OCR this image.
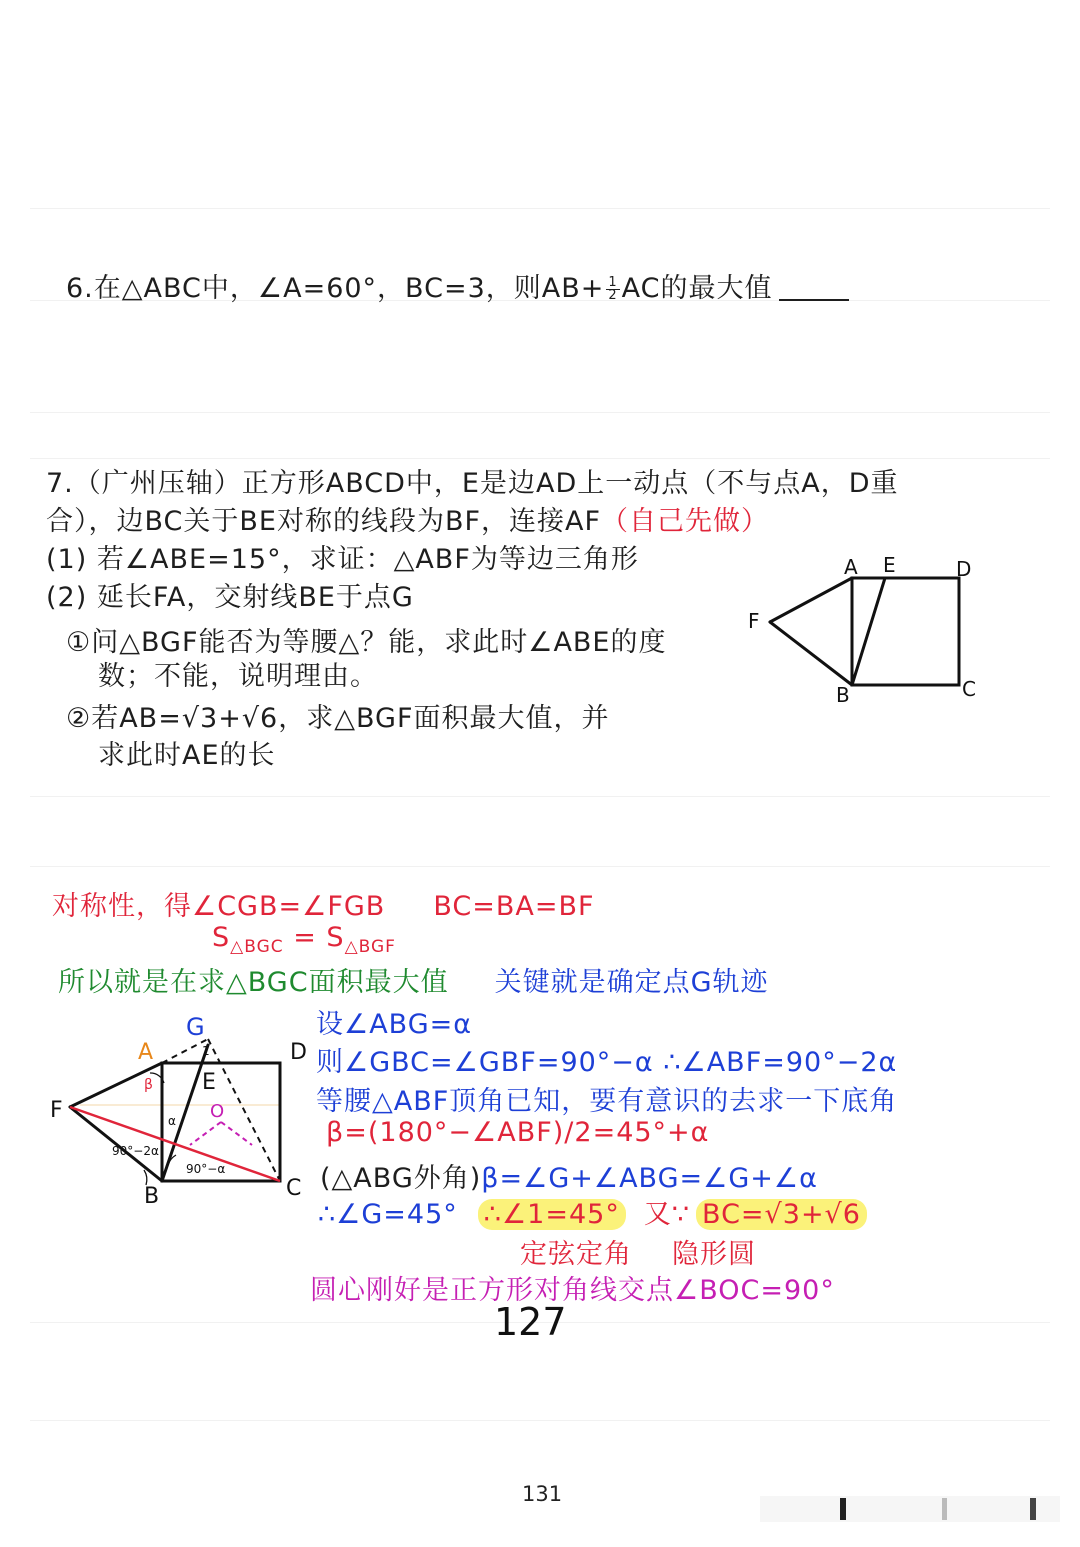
6.在△ABC中，∠A=60°，BC=3，则$AB+ \frac{1}{2}$ AC的最大值
7.（广州压轴）正方形ABCD中，E是边AD上一动点（不与点A，D重
合），边BC关于BE对称的线段为BF，连接AF（自己先做）
(1) 若∠ABE=15°，求证：△ABF为等边三角形
(2) 延长FA，交射线BE于点G
①问△BGF能否为等腰△？能，求此时∠ABE的度
数；不能，说明理由。
②若AB=√3+√6，求△BGF面积最大值，并
求此时AE的长
A E	D
F
B	C
对称性，得∠CGB=∠FGB BC=BA=BF
$S_{\triangle BGC} = S_{\triangle BGF}$
所以就是在求△BGC面积最大值 关键就是确定点G轨迹
设∠ABG=α
则∠GBC=∠GBF=90°−α ∴∠ABF=90°−2α
等腰△ABF顶角已知，要有意识的去求一下底角
β=(180°−∠ABF)/2=45°+α
(△ABG外角)β=∠G+∠ABG=∠G+∠α
∴∠G=45° ∴∠1=45° 又∵ BC=√3+√6
定弦定角 隐形圆
圆心刚好是正方形对角线交点∠BOC=90°
G
A	D
E
F
B	C
O
β
α
1
90°−2α
90°−α
127
131
